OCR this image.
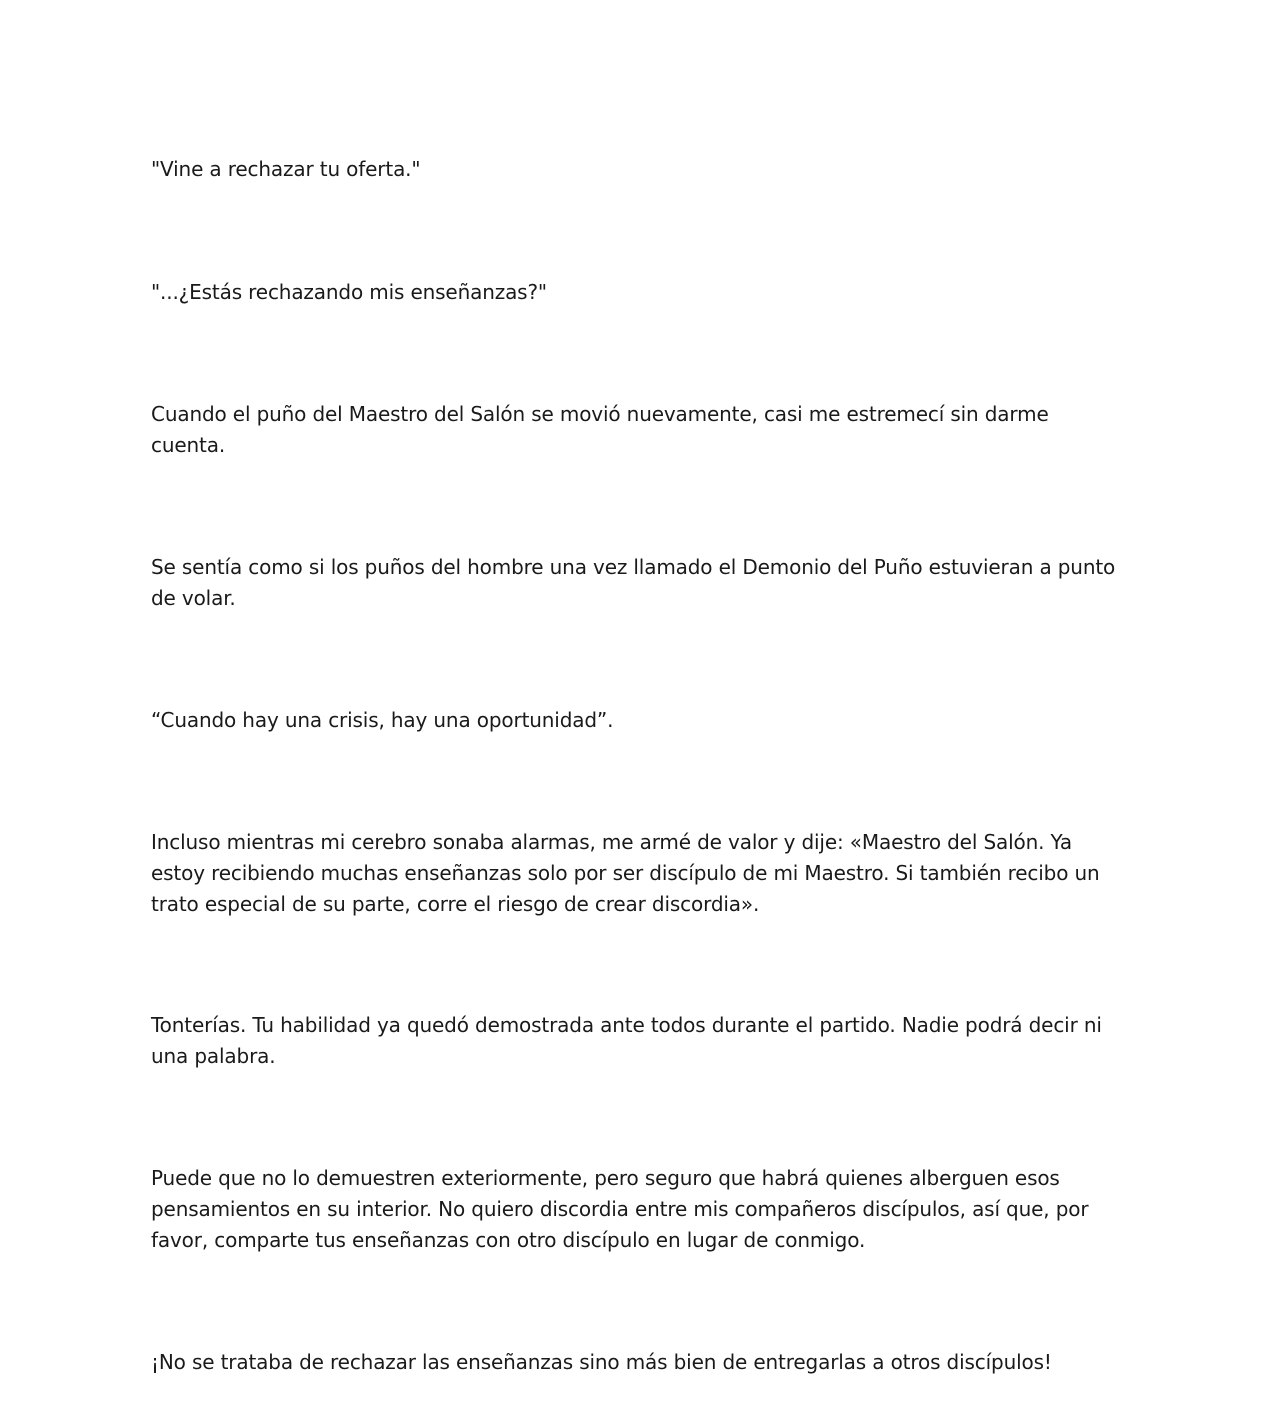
"Vine a rechazar tu oferta."

"...¿Estás rechazando mis enseñanzas?"

Cuando el puño del Maestro del Salón se movió nuevamente, casi me estremecí sin darme cuenta.

Se sentía como si los puños del hombre una vez llamado el Demonio del Puño estuvieran a punto de volar.

“Cuando hay una crisis, hay una oportunidad”.

Incluso mientras mi cerebro sonaba alarmas, me armé de valor y dije: «Maestro del Salón. Ya estoy recibiendo muchas enseñanzas solo por ser discípulo de mi Maestro. Si también recibo un trato especial de su parte, corre el riesgo de crear discordia».

Tonterías. Tu habilidad ya quedó demostrada ante todos durante el partido. Nadie podrá decir ni una palabra.

Puede que no lo demuestren exteriormente, pero seguro que habrá quienes alberguen esos pensamientos en su interior. No quiero discordia entre mis compañeros discípulos, así que, por favor, comparte tus enseñanzas con otro discípulo en lugar de conmigo.

¡No se trataba de rechazar las enseñanzas sino más bien de entregarlas a otros discípulos!
